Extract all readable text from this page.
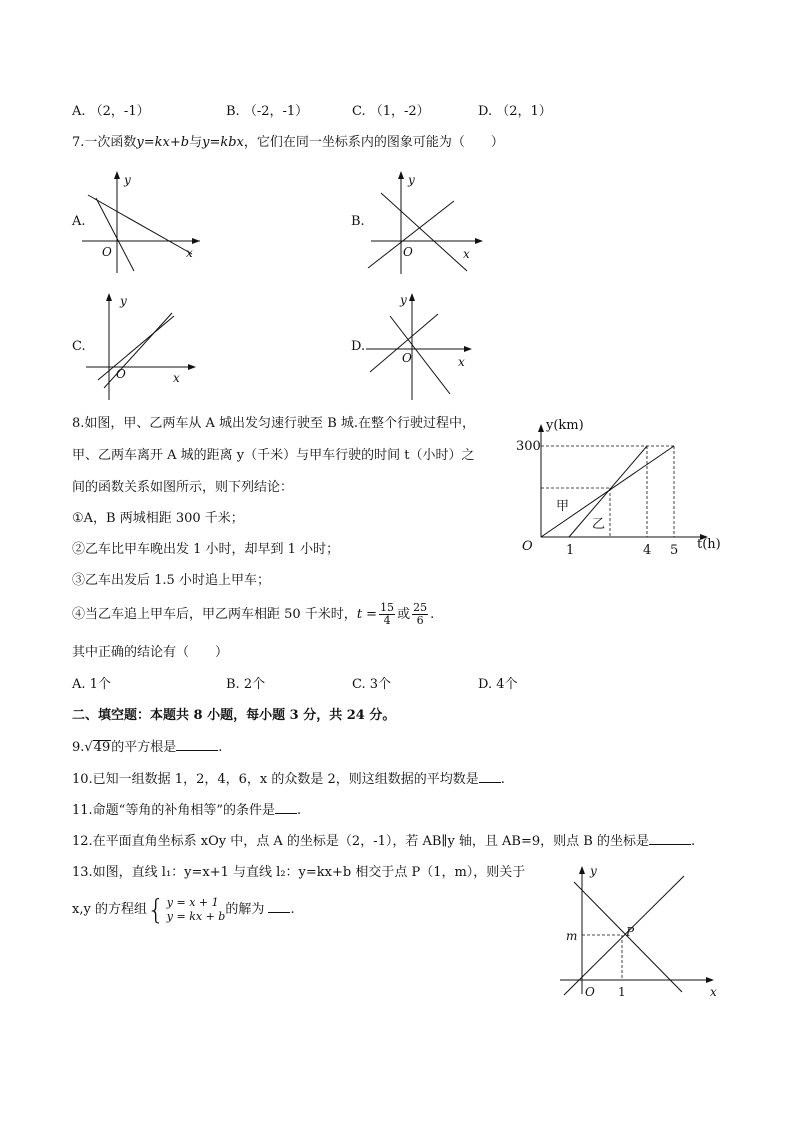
A. （2，-1）	B. （-2，-1）	C. （1，-2）	D. （2，1）
7.一次函数y=kx+b与y=kbx，它们在同一坐标系内的图象可能为（　　）
A.	B.
C.	D.
y
x
O
y
x
O
y
x
O
y
x
O
8.如图，甲、乙两车从 A 城出发匀速行驶至 B 城.在整个行驶过程中，
甲、乙两车离开 A 城的距离 y（千米）与甲车行驶的时间 t（小时）之
间的函数关系如图所示，则下列结论：
①A，B 两城相距 300 千米；
②乙车比甲车晚出发 1 小时，却早到 1 小时；
③乙车出发后 1.5 小时追上甲车；
④当乙车追上甲车后，甲乙两车相距 50 千米时，$t = \frac{15}{4}$ 或 $\frac{25}{6}$ .
其中正确的结论有（　　）
A. 1个	B. 2个	C. 3个	D. 4个
y(km)
t(h)
300
1	4 5
O
甲
乙
二、填空题：本题共 8 小题，每小题 3 分，共 24 分。
9.√49的平方根是	.
10.已知一组数据 1，2，4，6，x 的众数是 2，则这组数据的平均数是 .
11.命题“等角的补角相等”的条件是 .
12.在平面直角坐标系 xOy 中，点 A 的坐标是（2，-1），若 AB∥y 轴，且 AB=9，则点 B 的坐标是	.
13.如图，直线 l₁：y=x+1 与直线 l₂：y=kx+b 相交于点 P（1，m），则关于
x,y 的方程组{ y = x + 1
y = kx + b 的解为 .
y
x
O
m
1
P
